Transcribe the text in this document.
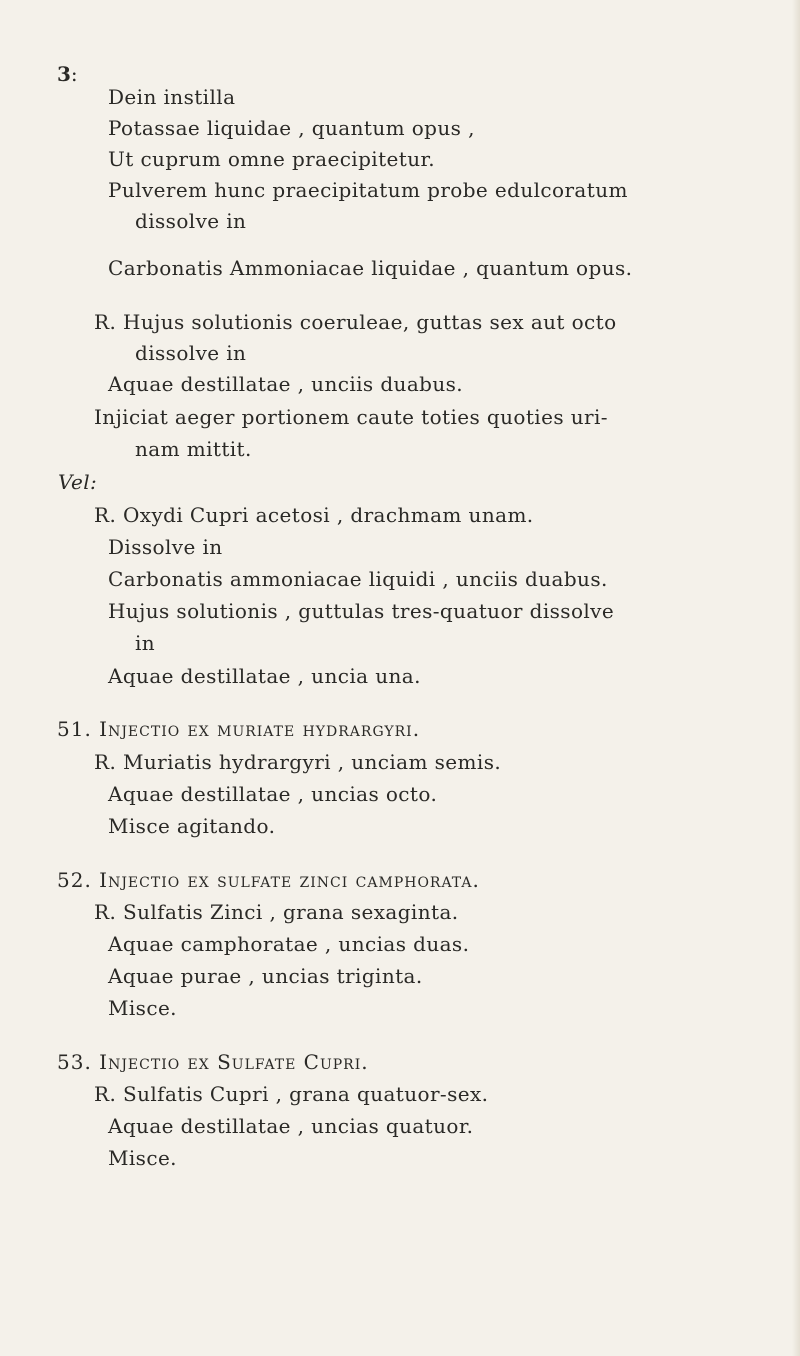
3։
Dein instilla
Potassae liquidae , quantum opus ,
Ut cuprum omne praecipitetur.
Pulverem hunc praecipitatum probe edulcoratum
dissolve in
Carbonatis Ammoniacae liquidae , quantum opus.
R. Hujus solutionis coeruleae, guttas sex aut octo
dissolve in
Aquae destillatae , unciis duabus.
Injiciat aeger portionem caute toties quoties uri-
nam mittit.
Vel:
R. Oxydi Cupri acetosi , drachmam unam.
Dissolve in
Carbonatis ammoniacae liquidi , unciis duabus.
Hujus solutionis , guttulas tres-quatuor dissolve
in
Aquae destillatae , uncia una.
51. Injectio ex muriate hydrargyri.
R. Muriatis hydrargyri , unciam semis.
Aquae destillatae , uncias octo.
Misce agitando.
52. Injectio ex sulfate zinci camphorata.
R. Sulfatis Zinci , grana sexaginta.
Aquae camphoratae , uncias duas.
Aquae purae , uncias triginta.
Misce.
53. Injectio ex Sulfate Cupri.
R. Sulfatis Cupri , grana quatuor-sex.
Aquae destillatae , uncias quatuor.
Misce.
